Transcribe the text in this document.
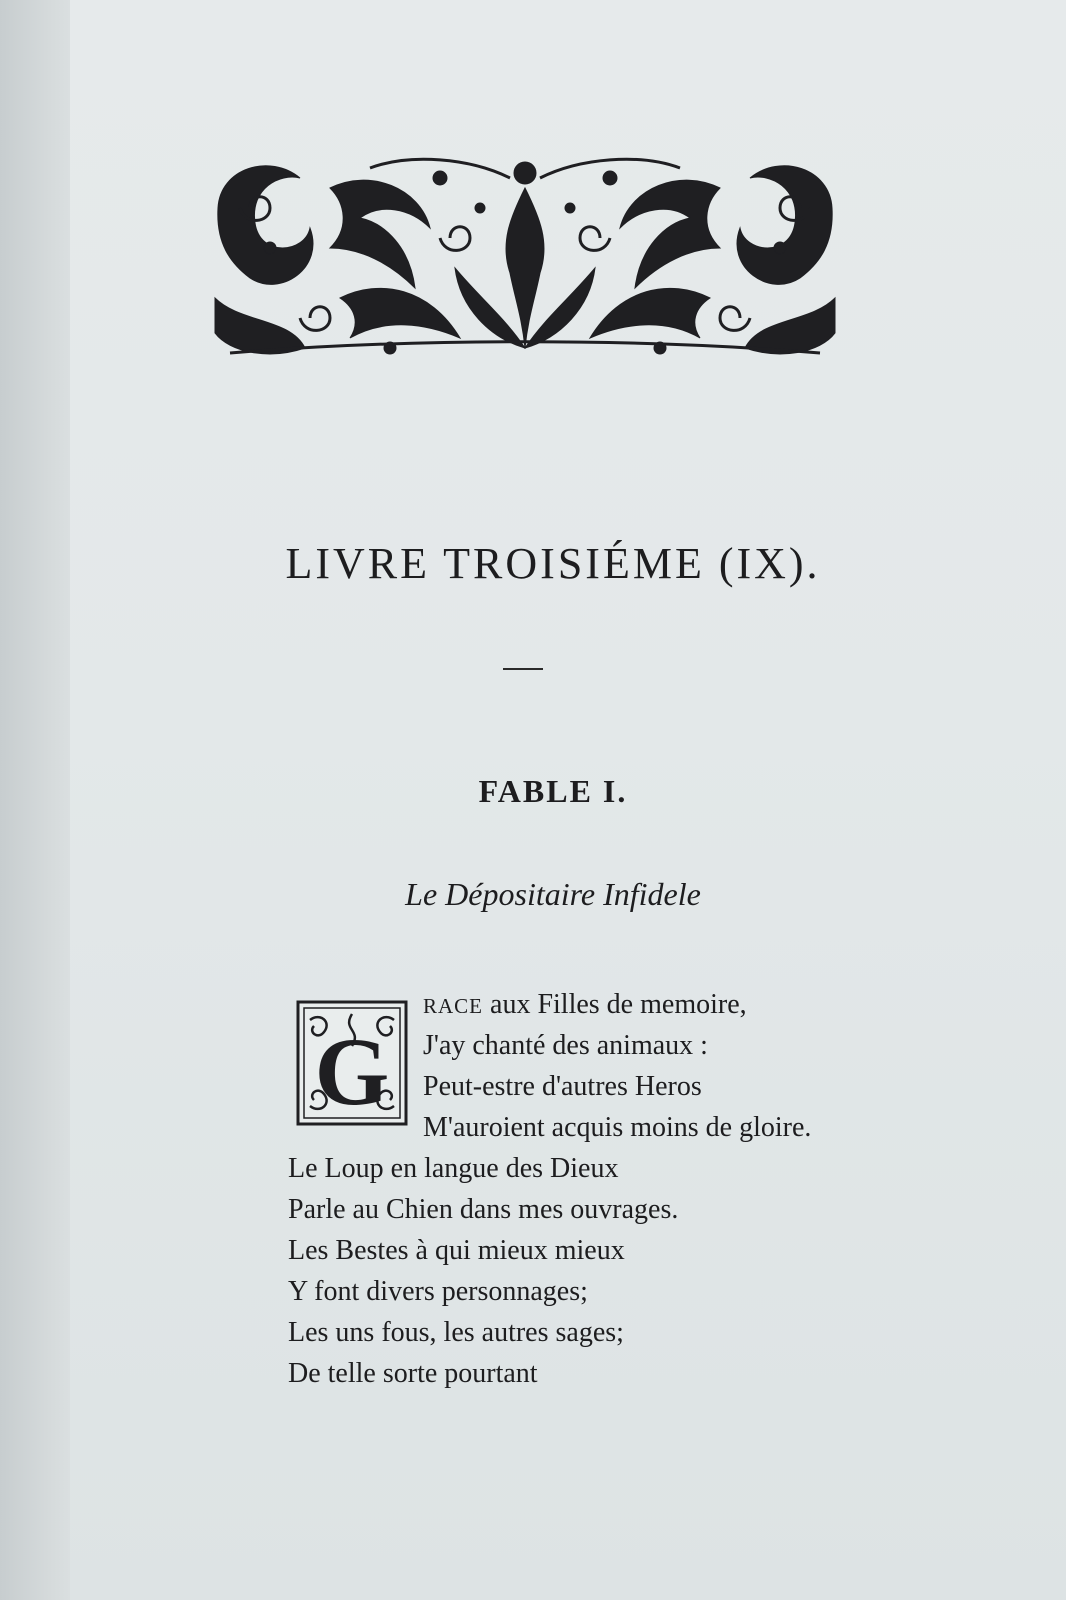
LIVRE TROISIÉME (IX).
FABLE I.
Le Dépositaire Infidele
G
RACE aux Filles de memoire,
J'ay chanté des animaux :
Peut-estre d'autres Heros
M'auroient acquis moins de gloire.
Le Loup en langue des Dieux
Parle au Chien dans mes ouvrages.
Les Bestes à qui mieux mieux
Y font divers personnages;
Les uns fous, les autres sages;
De telle sorte pourtant
